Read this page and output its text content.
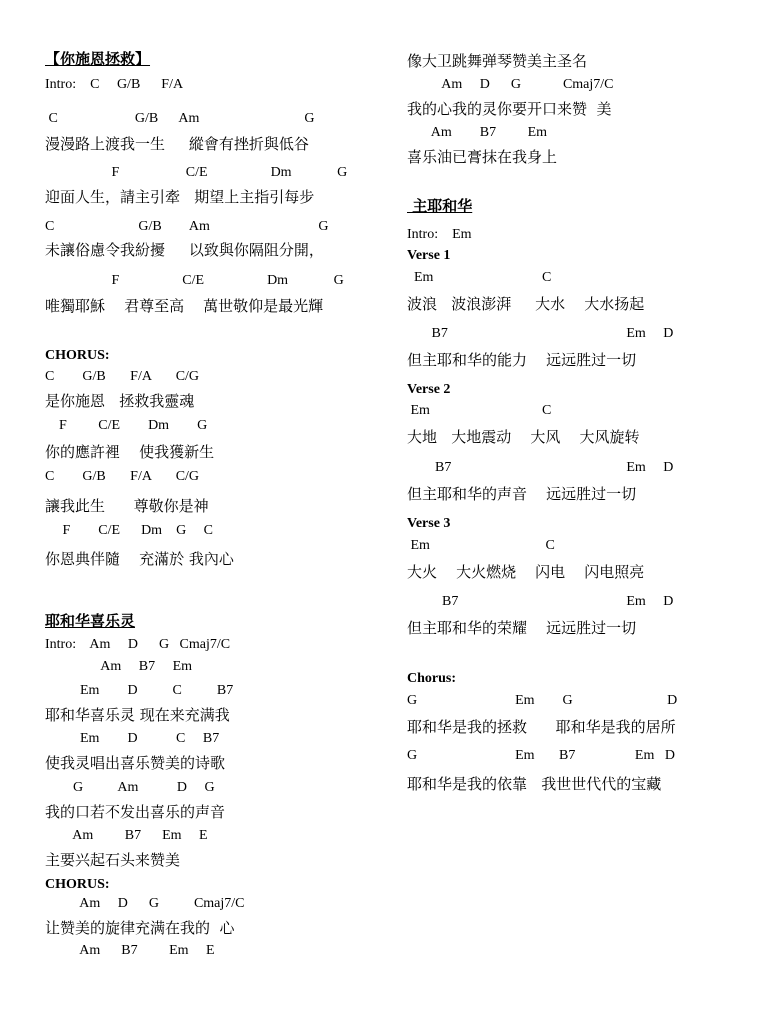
【你施恩拯救】
Intro:    C     G/B      F/A
C                      G/B      Am                              G
漫漫路上渡我一生     縱會有挫折與低谷
F                   C/E                  Dm             G
迎面人生，請主引牽   期望上主指引每步
C                        G/B        Am                               G
未讓俗慮令我紛擾     以致與你隔阻分開，
F                  C/E                  Dm             G
唯獨耶穌    君尊至高    萬世敬仰是最光輝
CHORUS:
C        G/B       F/A       C/G
是你施恩   拯救我靈魂
F         C/E        Dm        G
你的應許裡    使我獲新生
C        G/B       F/A       C/G
讓我此生      尊敬你是神
F        C/E      Dm    G     C
你恩典伴隨    充滿於 我內心
耶和华喜乐灵
Intro:    Am     D      G   Cmaj7/C
Am     B7     Em
Em        D          C          B7
耶和华喜乐灵 现在来充满我
Em        D           C     B7
使我灵唱出喜乐赞美的诗歌
G          Am           D     G
我的口若不发出喜乐的声音
Am         B7      Em     E
主要兴起石头来赞美
CHORUS:
Am     D      G          Cmaj7/C
让赞美的旋律充满在我的  心
Am      B7         Em     E
像大卫跳舞弹琴赞美主圣名
Am     D      G            Cmaj7/C
我的心我的灵你要开口来赞  美
Am        B7         Em
喜乐油已膏抹在我身上
主耶和华
Intro:    Em
Verse 1
Em                               C
波浪   波浪澎湃     大水    大水扬起
B7                                                   Em     D
但主耶和华的能力    远远胜过一切
Verse 2
Em                                C
大地   大地震动    大风    大风旋转
B7                                                  Em     D
但主耶和华的声音    远远胜过一切
Verse 3
Em                                 C
大火    大火燃烧    闪电    闪电照亮
B7                                                Em     D
但主耶和华的荣耀    远远胜过一切
Chorus:
G                            Em        G                           D
耶和华是我的拯救      耶和华是我的居所
G                            Em       B7                 Em   D
耶和华是我的依靠   我世世代代的宝藏
